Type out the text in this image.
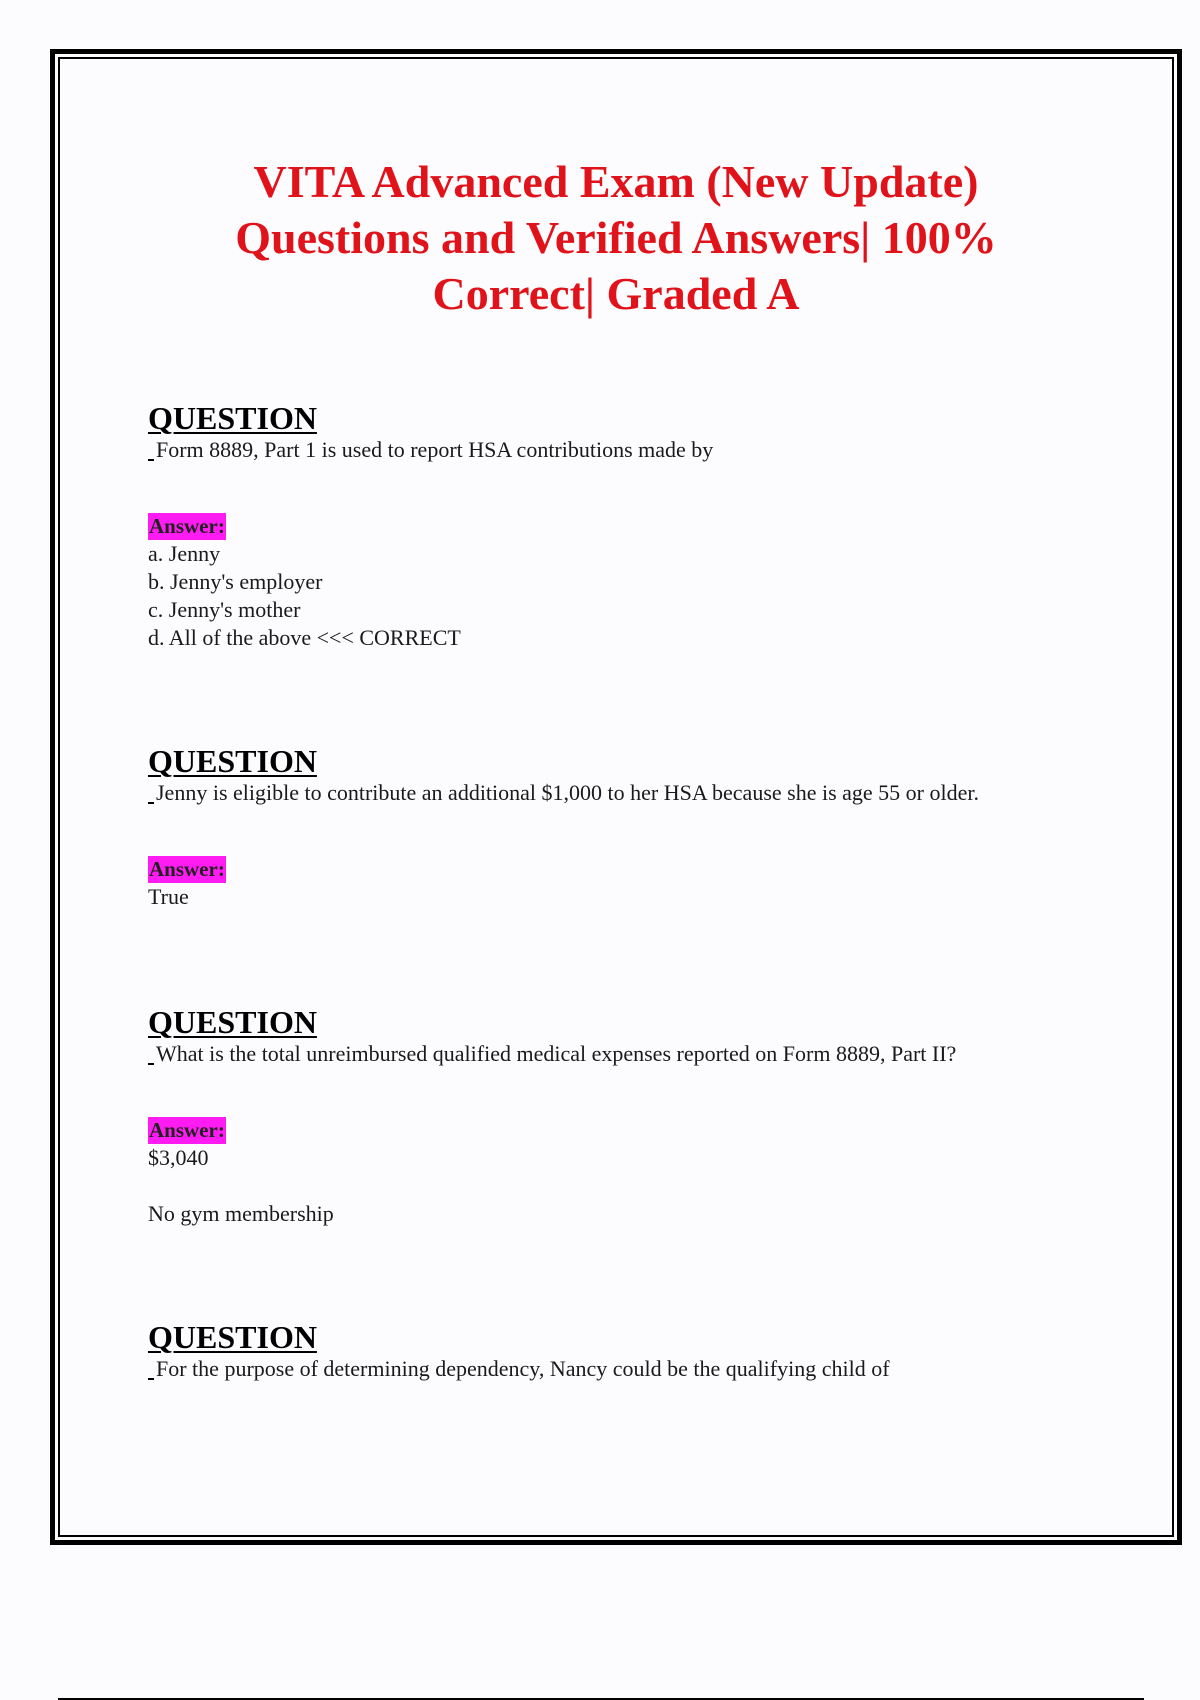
VITA Advanced Exam (New Update)
Questions and Verified Answers| 100%
Correct| Graded A
QUESTION
Form 8889, Part 1 is used to report HSA contributions made by
Answer:
a. Jenny
b. Jenny's employer
c. Jenny's mother
d. All of the above <<< CORRECT
QUESTION
Jenny is eligible to contribute an additional $1,000 to her HSA because she is age 55 or older.
Answer:
True
QUESTION
What is the total unreimbursed qualified medical expenses reported on Form 8889, Part II?
Answer:
$3,040
No gym membership
QUESTION
For the purpose of determining dependency, Nancy could be the qualifying child of
